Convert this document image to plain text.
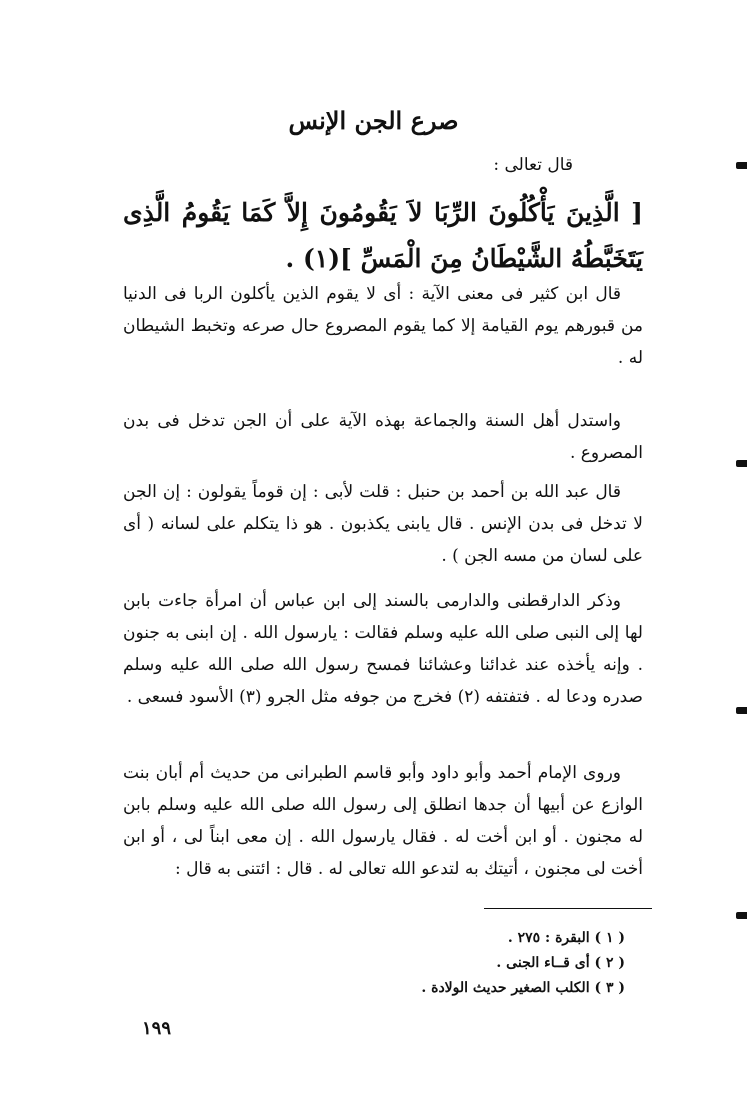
صرع الجن الإنس
قال تعالى :
[ الَّذِينَ يَأْكُلُونَ الرِّبَا لاَ يَقُومُونَ إِلاَّ كَمَا يَقُومُ الَّذِى يَتَخَبَّطُهُ الشَّيْطَانُ مِنَ الْمَسِّ ](١) .
قال ابن كثير فى معنى الآية : أى لا يقوم الذين يأكلون الربا فى الدنيا من قبورهم يوم القيامة إلا كما يقوم المصروع حال صرعه وتخبط الشيطان له .
واستدل أهل السنة والجماعة بهذه الآية على أن الجن تدخل فى بدن المصروع .
قال عبد الله بن أحمد بن حنبل : قلت لأبى : إن قوماً يقولون : إن الجن لا تدخل فى بدن الإنس . قال يابنى يكذبون . هو ذا يتكلم على لسانه ( أى على لسان من مسه الجن ) .
وذكر الدارقطنى والدارمى بالسند إلى ابن عباس أن امرأة جاءت بابن لها إلى النبى صلى الله عليه وسلم فقالت : يارسول الله . إن ابنى به جنون . وإنه يأخذه عند غدائنا وعشائنا فمسح رسول الله صلى الله عليه وسلم صدره ودعا له . فتفتفه (٢) فخرج من جوفه مثل الجرو (٣) الأسود فسعى .
وروى الإمام أحمد وأبو داود وأبو قاسم الطبرانى من حديث أم أبان بنت الوازع عن أبيها أن جدها انطلق إلى رسول الله صلى الله عليه وسلم بابن له مجنون . أو ابن أخت له . فقال يارسول الله . إن معى ابناً لى ، أو ابن أخت لى مجنون ، أتيتك به لتدعو الله تعالى له . قال : ائتنى به قال :
( ١ ) البقرة : ٢٧٥ .
( ٢ ) أى قــاء الجنى .
( ٣ ) الكلب الصغير حديث الولادة .
١٩٩
